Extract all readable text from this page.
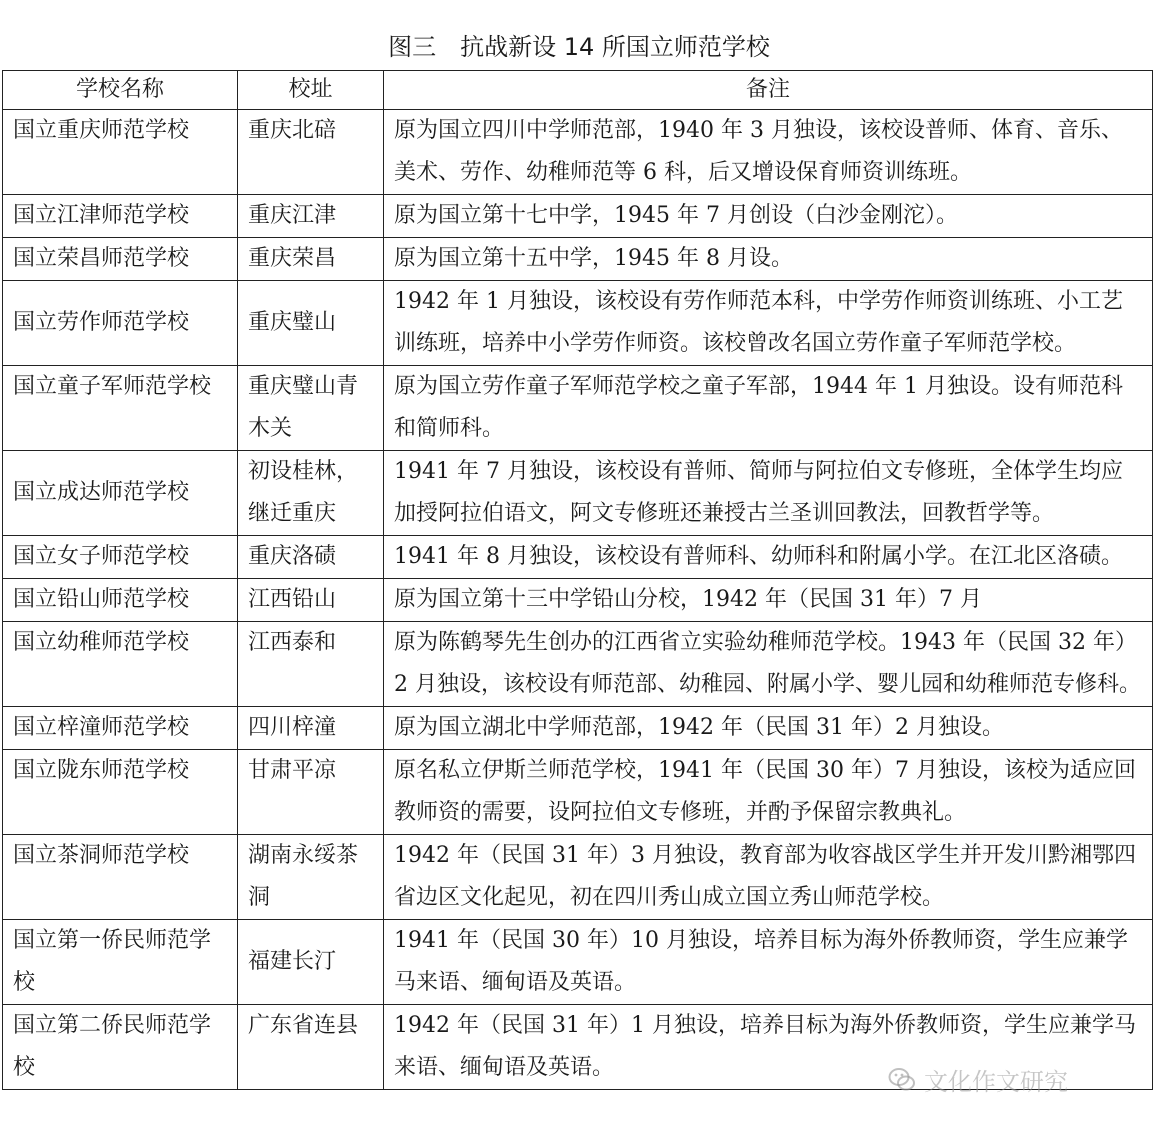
图三　抗战新设 14 所国立师范学校
学校名称	校址	备注
国立重庆师范学校	重庆北碚	原为国立四川中学师范部，1940 年 3 月独设，该校设普师、体育、音乐、美术、劳作、幼稚师范等 6 科，后又增设保育师资训练班。
国立江津师范学校	重庆江津	原为国立第十七中学，1945 年 7 月创设（白沙金刚沱）。
国立荣昌师范学校	重庆荣昌	原为国立第十五中学，1945 年 8 月设。
国立劳作师范学校	重庆璧山	1942 年 1 月独设，该校设有劳作师范本科，中学劳作师资训练班、小工艺训练班，培养中小学劳作师资。该校曾改名国立劳作童子军师范学校。
国立童子军师范学校	重庆璧山青木关	原为国立劳作童子军师范学校之童子军部，1944 年 1 月独设。设有师范科和简师科。
国立成达师范学校	初设桂林，继迁重庆	1941 年 7 月独设，该校设有普师、简师与阿拉伯文专修班，全体学生均应加授阿拉伯语文，阿文专修班还兼授古兰圣训回教法，回教哲学等。
国立女子师范学校	重庆洛碛	1941 年 8 月独设，该校设有普师科、幼师科和附属小学。在江北区洛碛。
国立铅山师范学校	江西铅山	原为国立第十三中学铅山分校，1942 年（民国 31 年）7 月
国立幼稚师范学校	江西泰和	原为陈鹤琴先生创办的江西省立实验幼稚师范学校。1943 年（民国 32 年）2 月独设，该校设有师范部、幼稚园、附属小学、婴儿园和幼稚师范专修科。
国立梓潼师范学校	四川梓潼	原为国立湖北中学师范部，1942 年（民国 31 年）2 月独设。
国立陇东师范学校	甘肃平凉	原名私立伊斯兰师范学校，1941 年（民国 30 年）7 月独设，该校为适应回教师资的需要，设阿拉伯文专修班，并酌予保留宗教典礼。
国立茶洞师范学校	湖南永绥茶洞	1942 年（民国 31 年）3 月独设，教育部为收容战区学生并开发川黔湘鄂四省边区文化起见，初在四川秀山成立国立秀山师范学校。
国立第一侨民师范学校	福建长汀	1941 年（民国 30 年）10 月独设，培养目标为海外侨教师资，学生应兼学马来语、缅甸语及英语。
国立第二侨民师范学校	广东省连县	1942 年（民国 31 年）1 月独设，培养目标为海外侨教师资，学生应兼学马来语、缅甸语及英语。
文化作文研究
